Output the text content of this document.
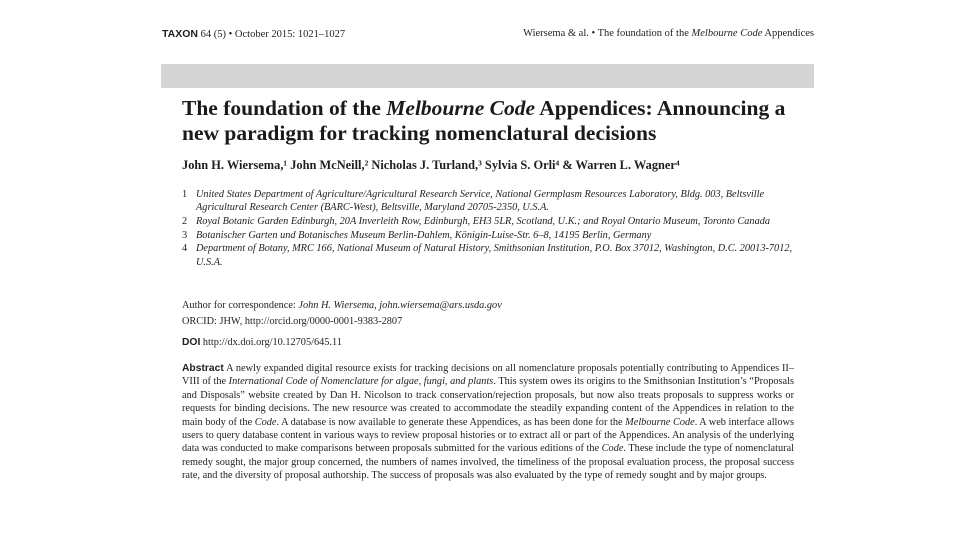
TAXON 64 (5) • October 2015: 1021–1027	Wiersema & al. • The foundation of the Melbourne Code Appendices
The foundation of the Melbourne Code Appendices: Announcing a new paradigm for tracking nomenclatural decisions
John H. Wiersema,¹ John McNeill,² Nicholas J. Turland,³ Sylvia S. Orli⁴ & Warren L. Wagner⁴
1 United States Department of Agriculture/Agricultural Research Service, National Germplasm Resources Laboratory, Bldg. 003, Beltsville Agricultural Research Center (BARC-West), Beltsville, Maryland 20705-2350, U.S.A.
2 Royal Botanic Garden Edinburgh, 20A Inverleith Row, Edinburgh, EH3 5LR, Scotland, U.K.; and Royal Ontario Museum, Toronto Canada
3 Botanischer Garten und Botanisches Museum Berlin-Dahlem, Königin-Luise-Str. 6–8, 14195 Berlin, Germany
4 Department of Botany, MRC 166, National Museum of Natural History, Smithsonian Institution, P.O. Box 37012, Washington, D.C. 20013-7012, U.S.A.
Author for correspondence: John H. Wiersema, john.wiersema@ars.usda.gov
ORCID: JHW, http://orcid.org/0000-0001-9383-2807
DOI http://dx.doi.org/10.12705/645.11
Abstract A newly expanded digital resource exists for tracking decisions on all nomenclature proposals potentially contributing to Appendices II–VIII of the International Code of Nomenclature for algae, fungi, and plants. This system owes its origins to the Smithsonian Institution’s “Proposals and Disposals” website created by Dan H. Nicolson to track conservation/rejection proposals, but now also treats proposals to suppress works or requests for binding decisions. The new resource was created to accommodate the steadily expanding content of the Appendices in relation to the main body of the Code. A database is now available to generate these Appendices, as has been done for the Melbourne Code. A web interface allows users to query database content in various ways to review proposal histories or to extract all or part of the Appendices. An analysis of the underlying data was conducted to make comparisons between proposals submitted for the various editions of the Code. These include the type of nomenclatural remedy sought, the major group concerned, the numbers of names involved, the timeliness of the proposal evaluation process, the proposal success rate, and the diversity of proposal authorship. The success of proposals was also evaluated by the type of remedy sought and by major groups.
